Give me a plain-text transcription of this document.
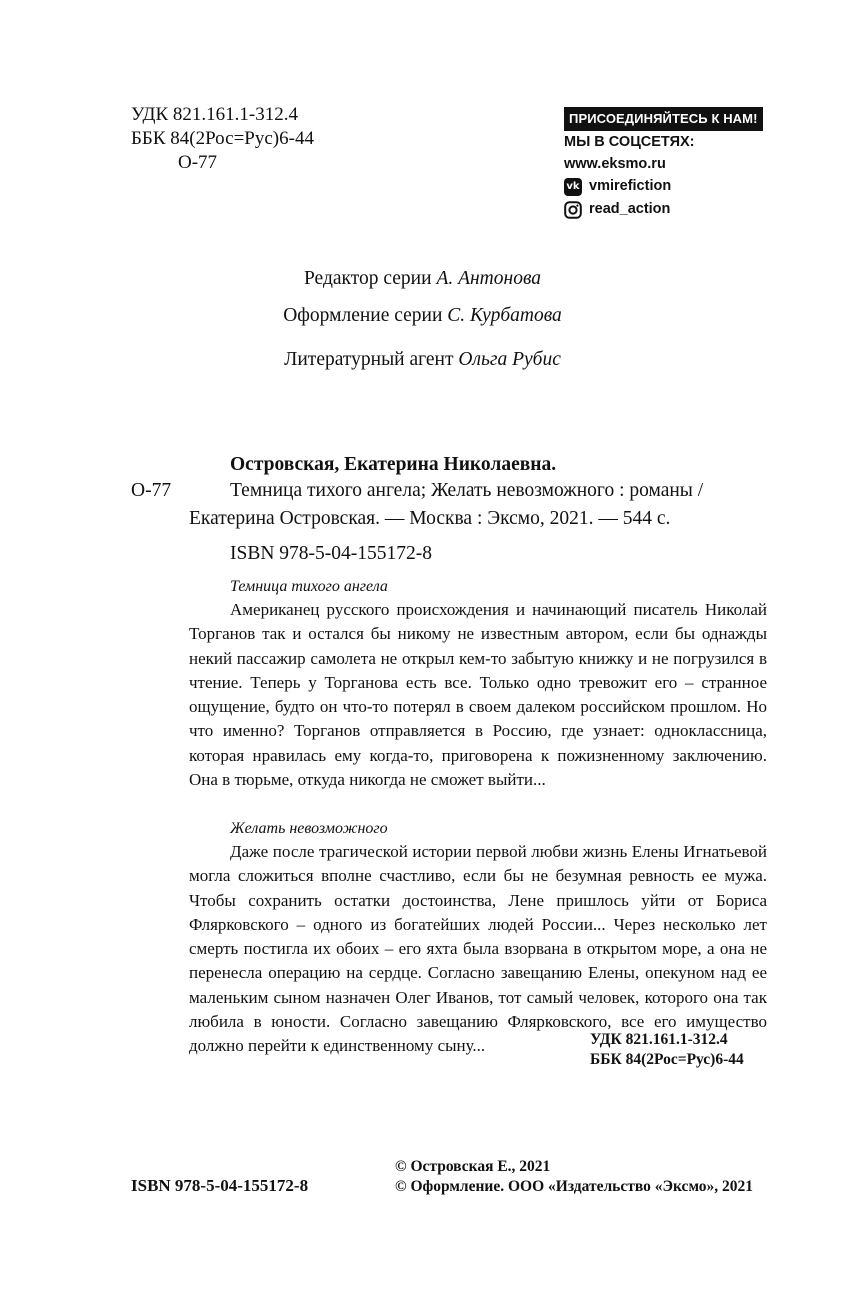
УДК 821.161.1-312.4
ББК 84(2Рос=Рус)6-44
О-77
ПРИСОЕДИНЯЙТЕСЬ К НАМ!
МЫ В СОЦСЕТЯХ:
www.eksmo.ru
vk vmirefiction
read_action
Редактор серии А. Антонова
Оформление серии С. Курбатова
Литературный агент Ольга Рубис
Островская, Екатерина Николаевна.
О-77	Темница тихого ангела; Желать невозможного : романы /
Екатерина Островская. — Москва : Эксмо, 2021. — 544 с.
ISBN 978-5-04-155172-8
Темница тихого ангела
Американец русского происхождения и начинающий писатель Николай Торганов так и остался бы никому не известным автором, если бы однажды некий пассажир самолета не открыл кем-то забытую книжку и не погрузился в чтение. Теперь у Торганова есть все. Только одно тревожит его – странное ощущение, будто он что-то потерял в своем далеком российском прошлом. Но что именно? Торганов отправляется в Россию, где узнает: одноклассница, которая нравилась ему когда-то, приговорена к пожизненному заключению. Она в тюрьме, откуда никогда не сможет выйти...
Желать невозможного
Даже после трагической истории первой любви жизнь Елены Игнатьевой могла сложиться вполне счастливо, если бы не безумная ревность ее мужа. Чтобы сохранить остатки достоинства, Лене пришлось уйти от Бориса Флярковского – одного из богатейших людей России... Через несколько лет смерть постигла их обоих – его яхта была взорвана в открытом море, а она не перенесла операцию на сердце. Согласно завещанию Елены, опекуном над ее маленьким сыном назначен Олег Иванов, тот самый человек, которого она так любила в юности. Согласно завещанию Флярковского, все его имущество должно перейти к единственному сыну...	УДК 821.161.1-312.4
ББК 84(2Рос=Рус)6-44
ISBN 978-5-04-155172-8
© Островская Е., 2021
© Оформление. ООО «Издательство «Эксмо», 2021
